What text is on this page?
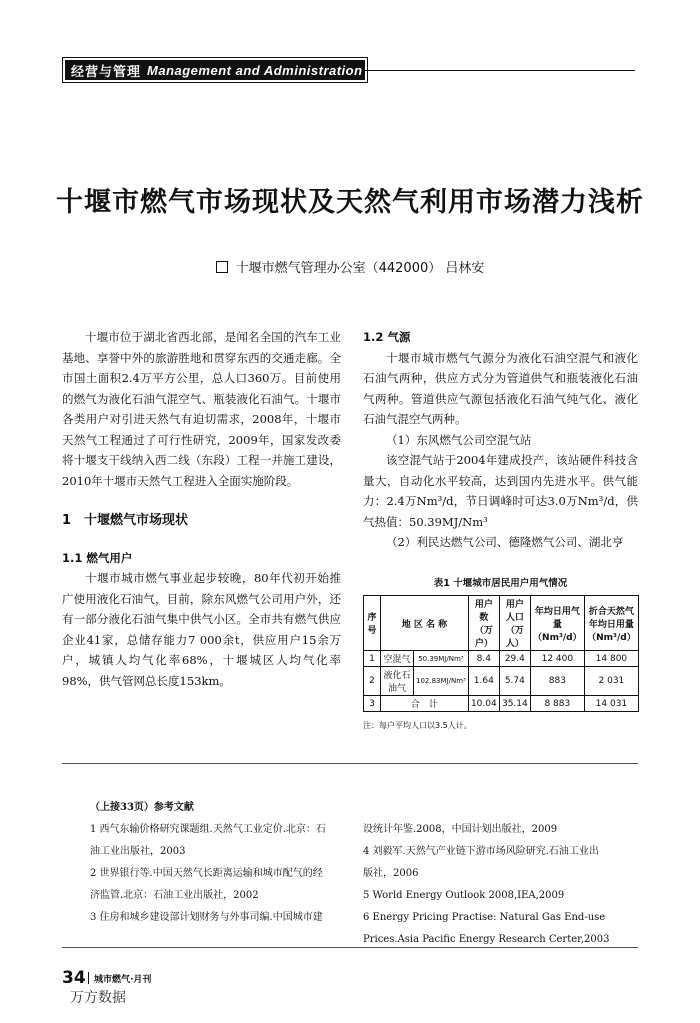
经营与管理 Management and Administration
十堰市燃气市场现状及天然气利用市场潜力浅析
十堰市燃气管理办公室（442000） 吕林安

十堰市位于湖北省西北部，是闻名全国的汽车工业基地、享誉中外的旅游胜地和贯穿东西的交通走廊。全市国土面积2.4万平方公里，总人口360万。目前使用的燃气为液化石油气混空气、瓶装液化石油气。十堰市各类用户对引进天然气有迫切需求，2008年，十堰市天然气工程通过了可行性研究，2009年，国家发改委将十堰支干线纳入西二线（东段）工程一并施工建设，2010年十堰市天然气工程进入全面实施阶段。

1　十堰燃气市场现状
1.1 燃气用户

十堰市城市燃气事业起步较晚，80年代初开始推广使用液化石油气，目前，除东风燃气公司用户外，还有一部分液化石油气集中供气小区。全市共有燃气供应企业41家，总储存能力7 000余t，供应用户15余万户，城镇人均气化率68%，十堰城区人均气化率98%，供气管网总长度153km。

1.2 气源

十堰市城市燃气气源分为液化石油空混气和液化石油气两种，供应方式分为管道供气和瓶装液化石油气两种。管道供应气源包括液化石油气纯气化、液化石油气混空气两种。

（1）东风燃气公司空混气站

该空混气站于2004年建成投产，该站硬件科技含量大，自动化水平较高，达到国内先进水平。供气能力：2.4万Nm³/d，节日调峰时可达3.0万Nm³/d，供气热值：50.39MJ/Nm³

（2）利民达燃气公司、德隆燃气公司、湖北亨

表1 十堰城市居民用户用气情况
序号	地 区 名 称		用户数（万户）	用户人口（万人）	年均日用气量（Nm³/d）	折合天然气年均日用量（Nm³/d）
1	空混气	50.39MJ/Nm³	8.4	29.4	12 400	14 800
2	液化石油气	102.83MJ/Nm³	1.64	5.74	883	2 031
3	合　计		10.04	35.14	8 883	14 031
注：每户平均人口以3.5人计。
（上接33页）参考文献
1 西气东输价格研究课题组.天然气工业定价.北京：石
油工业出版社，2003
2 世界银行等.中国天然气长距离运输和城市配气的经
济监管.北京：石油工业出版社，2002
3 住房和城乡建设部计划财务与外事司编.中国城市建
设统计年鉴.2008，中国计划出版社，2009
4 刘毅军.天然气产业链下游市场风险研究.石油工业出
版社，2006
5 World Energy Outlook 2008,IEA,2009
6 Energy Pricing Practise: Natural Gas End-use
Prices.Asia Pacific Energy Research Certer,2003
34 城市燃气·月刊
万方数据
